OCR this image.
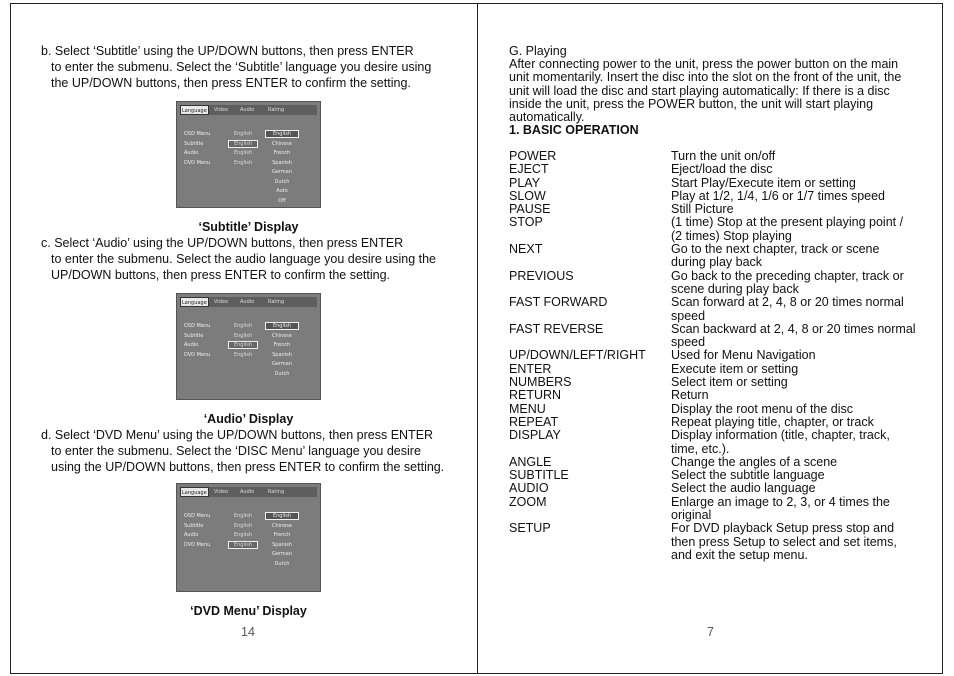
b. Select ‘Subtitle’ using the UP/DOWN buttons, then press ENTER
to enter the submenu. Select the ‘Subtitle’ language you desire using the UP/DOWN buttons, then press ENTER to confirm the setting.
Language	Video Audio	Rating
OSD Menu	English
Subtitle	English
Audio	English
DVD Menu	English
English
Chinese
French
Spanish
German
Dutch
Auto
Off
‘Subtitle’ Display
c. Select ‘Audio’ using the UP/DOWN buttons, then press ENTER
to enter the submenu. Select the audio language you desire using the UP/DOWN buttons, then press ENTER to confirm the setting.
Language	Video Audio	Rating
OSD Menu	English
Subtitle	English
Audio	English
DVD Menu	English
English
Chinese
French
Spanish
German
Dutch
‘Audio’ Display
d. Select ‘DVD Menu’ using the UP/DOWN buttons, then press ENTER
to enter the submenu. Select the ‘DISC Menu’ language you desire using the UP/DOWN buttons, then press ENTER to confirm the setting.
Language	Video Audio	Rating
OSD Menu	English
Subtitle	English
Audio	English
DVD Menu	English
English
Chinese
French
Spanish
German
Dutch
‘DVD Menu’ Display
14
G. Playing
After connecting power to the unit, press the power button on the main unit momentarily. Insert the disc into the slot on the front of the unit, the unit will load the disc and start playing automatically: If there is a disc inside the unit, press the POWER button, the unit will start playing automatically.
1. BASIC OPERATION
POWER	Turn the unit on/off
EJECT	Eject/load the disc
PLAY	Start Play/Execute item or setting
SLOW	Play at 1/2, 1/4, 1/6 or 1/7 times speed
PAUSE	Still Picture
STOP	(1 time) Stop at the present playing point / (2 times) Stop playing
NEXT	Go to the next chapter, track or scene during play back
PREVIOUS	Go back to the preceding chapter, track or scene during play back
FAST FORWARD	Scan forward at 2, 4, 8 or 20 times normal speed
FAST REVERSE	Scan backward at 2, 4, 8 or 20 times normal speed
UP/DOWN/LEFT/RIGHT	Used for Menu Navigation
ENTER	Execute item or setting
NUMBERS	Select item or setting
RETURN	Return
MENU	Display the root menu of the disc
REPEAT	Repeat playing title, chapter, or track
DISPLAY	Display information (title, chapter, track, time, etc.).
ANGLE	Change the angles of a scene
SUBTITLE	Select the subtitle language
AUDIO	Select the audio language
ZOOM	Enlarge an image to 2, 3, or 4 times the original
SETUP	For DVD playback Setup press stop and then press Setup to select and set items, and exit the setup menu.
7
